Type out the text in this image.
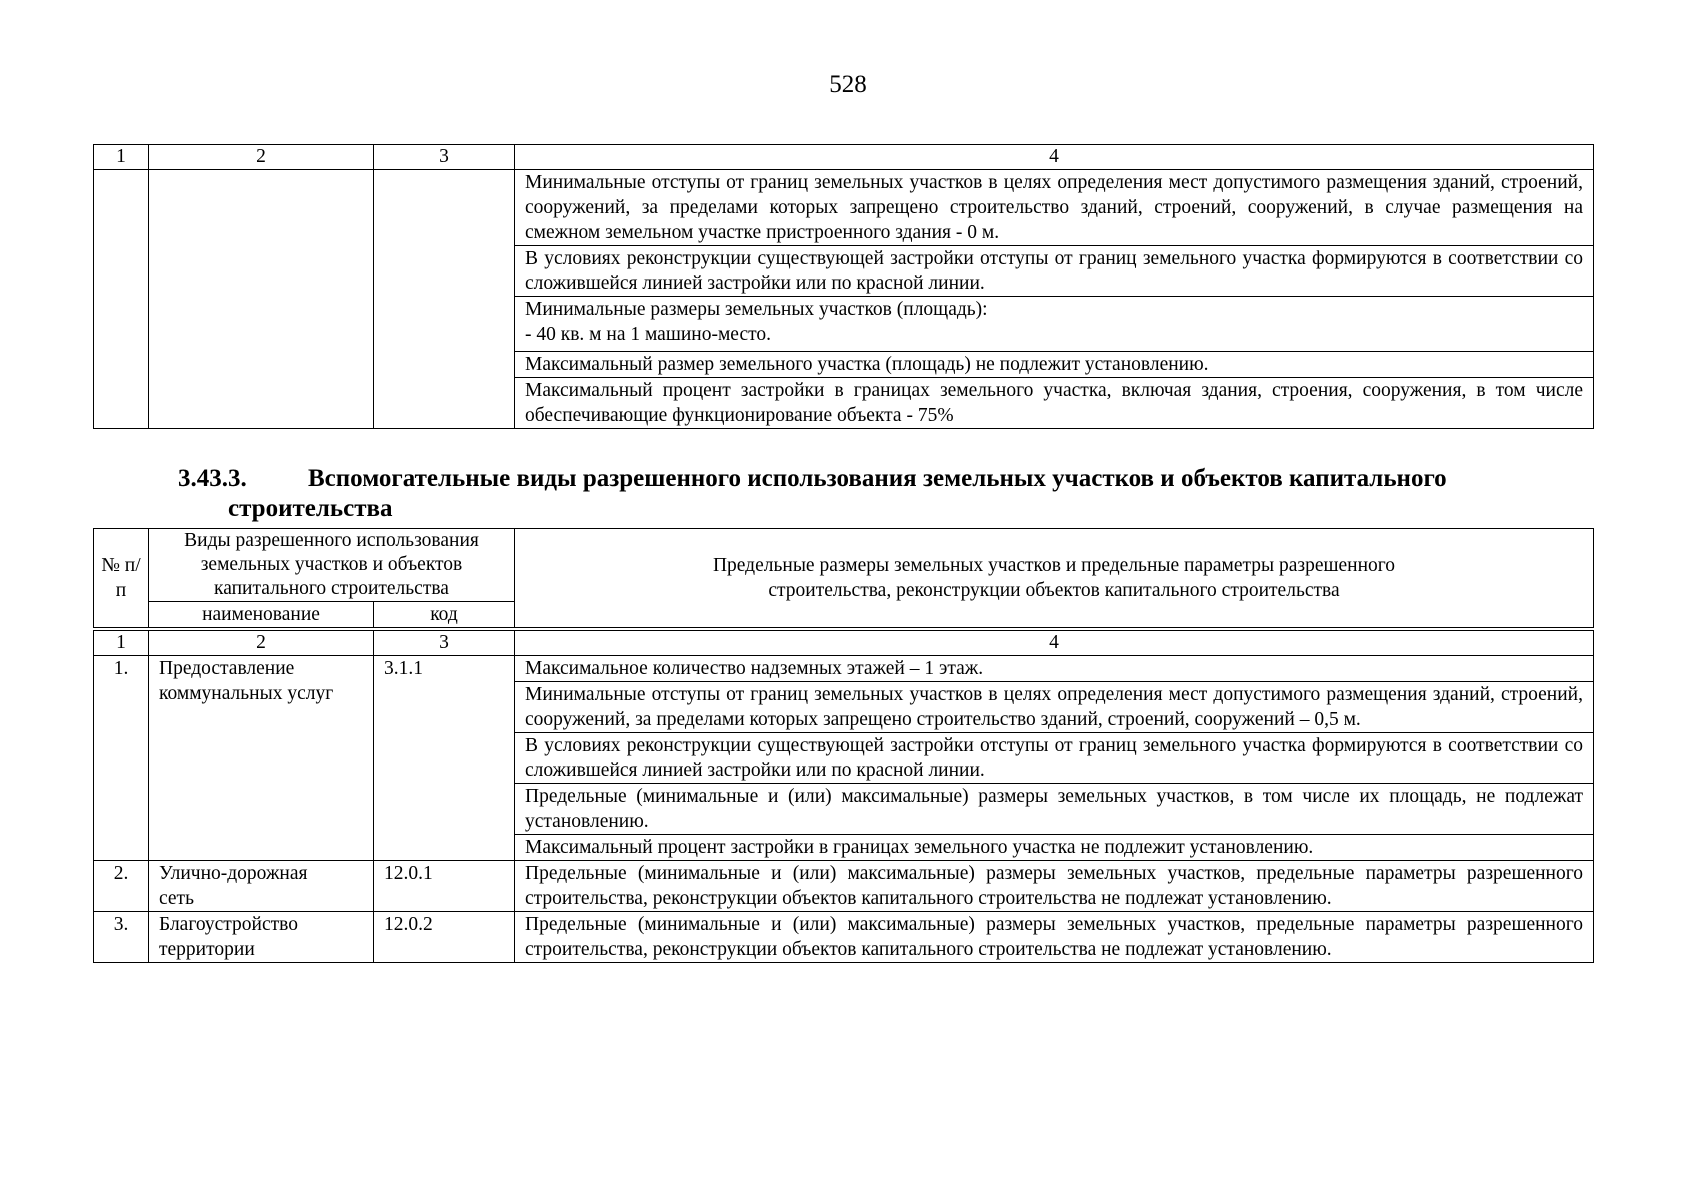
528
1	2	3	4
			Минимальные отступы от границ земельных участков в целях определения мест допустимого размещения зданий, строений, сооружений, за пределами которых запрещено строительство зданий, строений, сооружений, в случае размещения на смежном земельном участке пристроенного здания - 0 м.
			В условиях реконструкции существующей застройки отступы от границ земельного участка формируются в соответствии со сложившейся линией застройки или по красной линии.

			Минимальные размеры земельных участков (площадь):
- 40 кв. м на 1 машино-место.

			Максимальный размер земельного участка (площадь) не подлежит установлению.
			Максимальный процент застройки в границах земельного участка, включая здания, строения, сооружения, в том числе обеспечивающие функционирование объекта - 75%
3.43.3. Вспомогательные виды разрешенного использования земельных участков и объектов капитального
строительства
№ п/п	Виды разрешенного использования земельных участков и объектов капитального строительства		Предельные размеры земельных участков и предельные параметры разрешенного строительства, реконструкции объектов капитального строительства
	наименование	код	
1	2	3	4
1.	Предоставление коммунальных услуг	3.1.1	Максимальное количество надземных этажей – 1 этаж.
			Минимальные отступы от границ земельных участков в целях определения мест допустимого размещения зданий, строений, сооружений, за пределами которых запрещено строительство зданий, строений, сооружений – 0,5 м.
			В условиях реконструкции существующей застройки отступы от границ земельного участка формируются в соответствии со сложившейся линией застройки или по красной линии.
			Предельные (минимальные и (или) максимальные) размеры земельных участков, в том числе их площадь, не подлежат установлению.
			Максимальный процент застройки в границах земельного участка не подлежит установлению.
2.	Улично-дорожная сеть	12.0.1	Предельные (минимальные и (или) максимальные) размеры земельных участков, предельные параметры разрешенного строительства, реконструкции объектов капитального строительства не подлежат установлению.
3.	Благоустройство территории	12.0.2	Предельные (минимальные и (или) максимальные) размеры земельных участков, предельные параметры разрешенного строительства, реконструкции объектов капитального строительства не подлежат установлению.
